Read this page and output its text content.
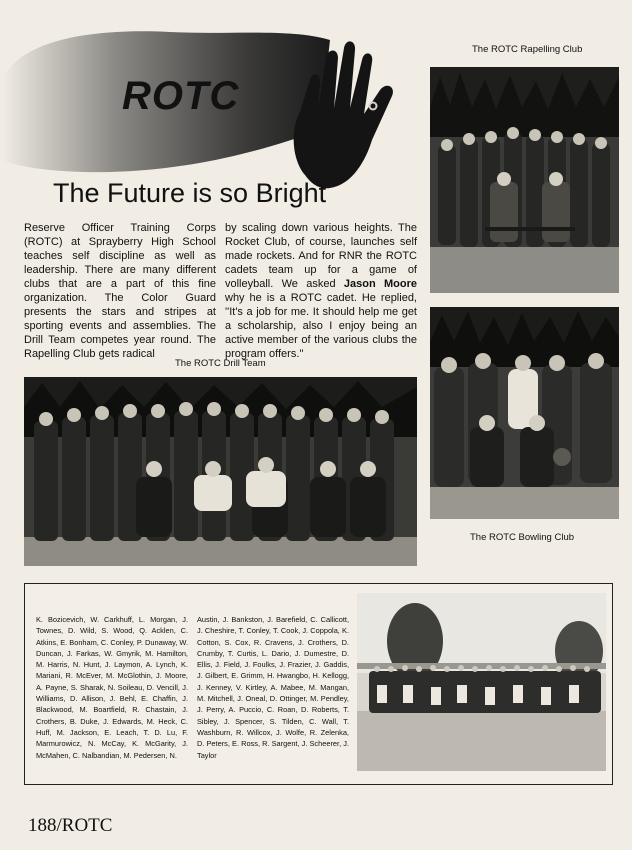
ROTC
The Future is so Bright
Reserve Officer Training Corps (ROTC) at Sprayberry High School teaches self discipline as well as leadership. There are many different clubs that are a part of this fine organization. The Color Guard presents the stars and stripes at sporting events and assemblies. The Drill Team competes year round. The Rapelling Club gets radical
by scaling down various heights. The Rocket Club, of course, launches self made rockets. And for RNR the ROTC cadets team up for a game of volleyball. We asked Jason Moore why he is a ROTC cadet. He replied, ''It's a job for me. It should help me get a scholarship, also I enjoy being an active member of the various clubs the program offers.''
The ROTC Rapelling Club
The ROTC Bowling Club
The ROTC Drill Team
K. Bozicevich, W. Carkhuff, L. Morgan, J. Townes, D. Wild, S. Wood, Q. Acklen, C. Atkins, E. Bonham, C. Conley, P. Dunaway, W. Duncan, J. Farkas, W. Gmyrik, M. Hamilton, M. Harris, N. Hunt, J. Laymon, A. Lynch, K. Mariani, R. McEver, M. McGlothin, J. Moore, A. Payne, S. Sharak, N. Soileau, D. Vencill, J. Williams, D. Allison, J. Behl, E. Chaffin, J. Blackwood, M. Boartfield, R. Chastain, J. Crothers, B. Duke, J. Edwards, M. Heck, C. Huff, M. Jackson, E. Leach, T. D. Lu, F. Marmurowicz, N. McCay, K. McGarity, J. McMahen, C. Nalbandian, M. Pedersen, N.
Austin, J. Bankston, J. Barefield, C. Callicott, J. Cheshire, T. Conley, T. Cook, J. Coppola, K. Cotton, S. Cox, R. Cravens, J. Crothers, D. Crumby, T. Curtis, L. Dario, J. Dumestre, D. Ellis, J. Field, J. Foulks, J. Frazier, J. Gaddis, J. Gilbert, E. Grimm, H. Hwangbo, H. Kellogg, J. Kenney, V. Kirtley, A. Mabee, M. Mangan, M. Mitchell, J. Oneal, D. Ottinger, M. Pendley, J. Perry, A. Puccio, C. Roan, D. Roberts, T. Sibley, J. Spencer, S. Tilden, C. Wall, T. Washburn, R. Willcox, J. Wolfe, R. Zelenka, D. Peters, E. Ross, R. Sargent, J. Scheerer, J. Taylor
188/ROTC
